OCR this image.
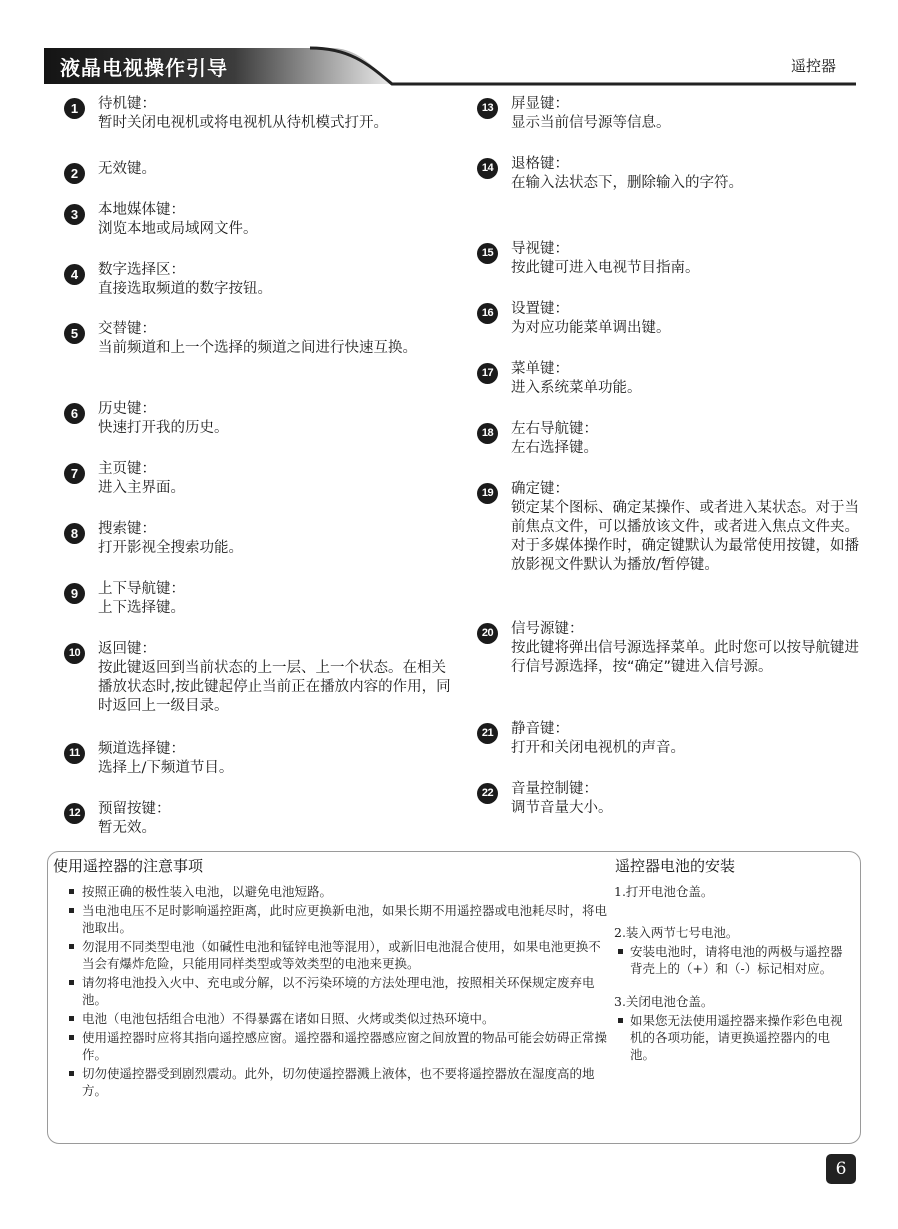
液晶电视操作引导	遥控器
1	待机键：
暂时关闭电视机或将电视机从待机模式打开。
2	无效键。
3	本地媒体键：
浏览本地或局域网文件。
4	数字选择区：
直接选取频道的数字按钮。
5	交替键：
当前频道和上一个选择的频道之间进行快速互换。
6	历史键：
快速打开我的历史。
7	主页键：
进入主界面。
8	搜索键：
打开影视全搜索功能。
9	上下导航键：
上下选择键。
10	返回键：
按此键返回到当前状态的上一层、上一个状态。在相关播放状态时,按此键起停止当前正在播放内容的作用，同时返回上一级目录。
11	频道选择键：
选择上/下频道节目。
12	预留按键：
暂无效。
13	屏显键：
显示当前信号源等信息。
14	退格键：
在输入法状态下，删除输入的字符。
15	导视键：
按此键可进入电视节目指南。
16	设置键：
为对应功能菜单调出键。
17	菜单键：
进入系统菜单功能。
18	左右导航键：
左右选择键。
19	确定键：
锁定某个图标、确定某操作、或者进入某状态。对于当前焦点文件，可以播放该文件，或者进入焦点文件夹。对于多媒体操作时，确定键默认为最常使用按键，如播放影视文件默认为播放/暂停键。
20	信号源键：
按此键将弹出信号源选择菜单。此时您可以按导航键进行信号源选择，按“确定”键进入信号源。
21	静音键：
打开和关闭电视机的声音。
22	音量控制键：
调节音量大小。
使用遥控器的注意事项	遥控器电池的安装
按照正确的极性装入电池，以避免电池短路。
当电池电压不足时影响遥控距离，此时应更换新电池，如果长期不用遥控器或电池耗尽时，将电池取出。
勿混用不同类型电池（如碱性电池和锰锌电池等混用），或新旧电池混合使用，如果电池更换不当会有爆炸危险，只能用同样类型或等效类型的电池来更换。
请勿将电池投入火中、充电或分解，以不污染环境的方法处理电池，按照相关环保规定废弃电池。
电池（电池包括组合电池）不得暴露在诸如日照、火烤或类似过热环境中。
使用遥控器时应将其指向遥控感应窗。遥控器和遥控器感应窗之间放置的物品可能会妨碍正常操作。
切勿使遥控器受到剧烈震动。此外，切勿使遥控器溅上液体，也不要将遥控器放在湿度高的地方。
1.打开电池仓盖。
2.装入两节七号电池。
安装电池时，请将电池的两极与遥控器背壳上的（+）和（-）标记相对应。
3.关闭电池仓盖。
如果您无法使用遥控器来操作彩色电视机的各项功能，请更换遥控器内的电池。
6
